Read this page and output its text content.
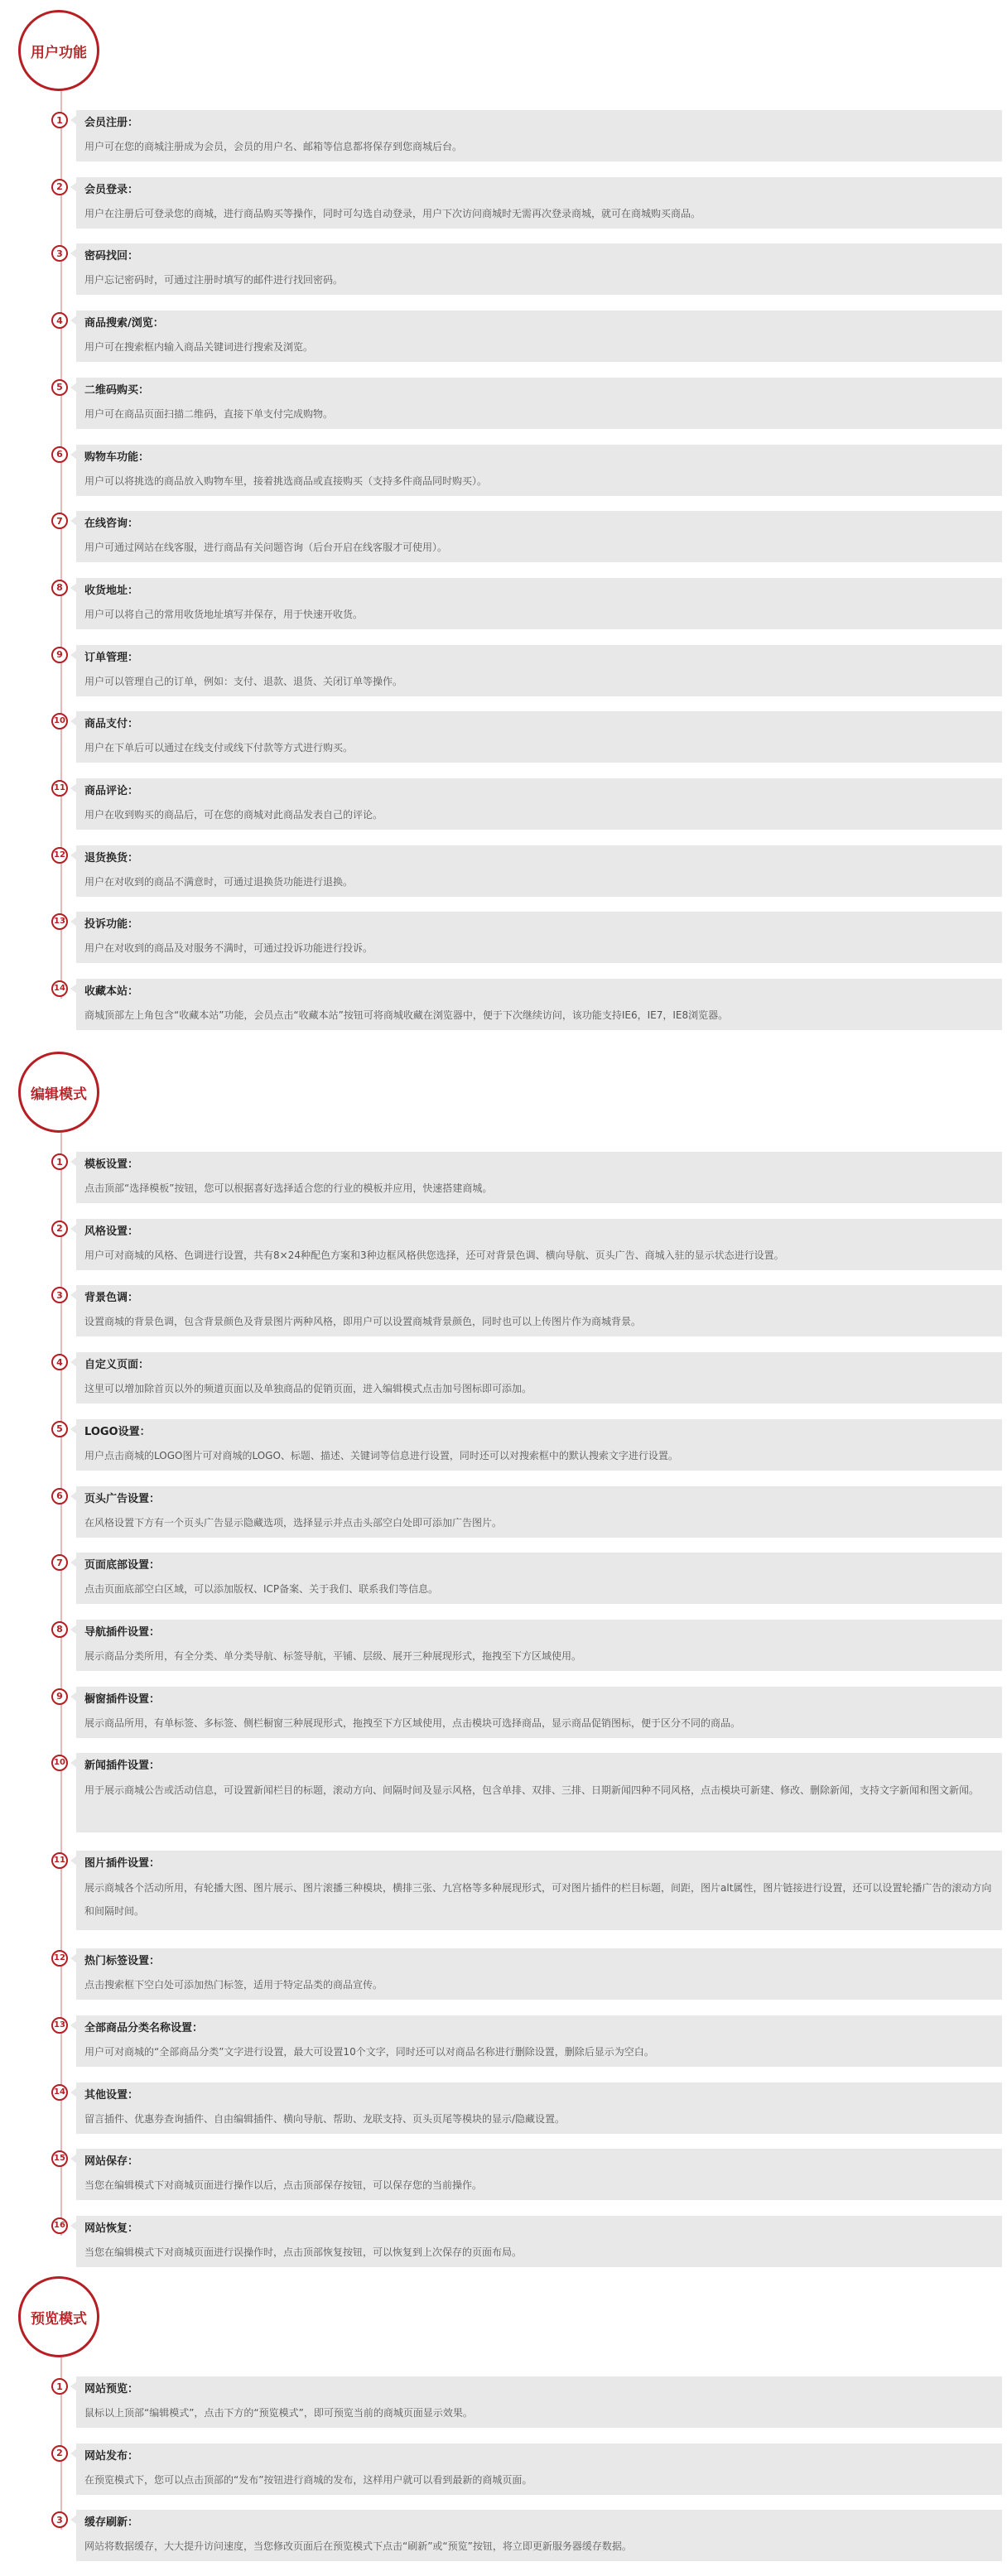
用户功能
1	会员注册：
用户可在您的商城注册成为会员，会员的用户名、邮箱等信息都将保存到您商城后台。
2	会员登录：
用户在注册后可登录您的商城，进行商品购买等操作，同时可勾选自动登录，用户下次访问商城时无需再次登录商城，就可在商城购买商品。
3	密码找回：
用户忘记密码时，可通过注册时填写的邮件进行找回密码。
4	商品搜索/浏览：
用户可在搜索框内输入商品关键词进行搜索及浏览。
5	二维码购买：
用户可在商品页面扫描二维码，直接下单支付完成购物。
6	购物车功能：
用户可以将挑选的商品放入购物车里，接着挑选商品或直接购买（支持多件商品同时购买）。
7	在线咨询：
用户可通过网站在线客服，进行商品有关问题咨询（后台开启在线客服才可使用）。
8	收货地址：
用户可以将自己的常用收货地址填写并保存，用于快速开收货。
9	订单管理：
用户可以管理自己的订单，例如：支付、退款、退货、关闭订单等操作。
10 商品支付：
用户在下单后可以通过在线支付或线下付款等方式进行购买。
11 商品评论：
用户在收到购买的商品后，可在您的商城对此商品发表自己的评论。
12 退货换货：
用户在对收到的商品不满意时，可通过退换货功能进行退换。
13 投诉功能：
用户在对收到的商品及对服务不满时，可通过投诉功能进行投诉。
14 收藏本站：
商城顶部左上角包含“收藏本站”功能，会员点击“收藏本站”按钮可将商城收藏在浏览器中，便于下次继续访问，该功能支持IE6，IE7，IE8浏览器。
编辑模式
1	模板设置：
点击顶部“选择模板”按钮，您可以根据喜好选择适合您的行业的模板并应用，快速搭建商城。
2	风格设置：
用户可对商城的风格、色调进行设置，共有8×24种配色方案和3种边框风格供您选择，还可对背景色调、横向导航、页头广告、商城入驻的显示状态进行设置。
3	背景色调：
设置商城的背景色调，包含背景颜色及背景图片两种风格，即用户可以设置商城背景颜色，同时也可以上传图片作为商城背景。
4	自定义页面：
这里可以增加除首页以外的频道页面以及单独商品的促销页面，进入编辑模式点击加号图标即可添加。
5	LOGO设置：
用户点击商城的LOGO图片可对商城的LOGO、标题、描述、关键词等信息进行设置，同时还可以对搜索框中的默认搜索文字进行设置。
6	页头广告设置：
在风格设置下方有一个页头广告显示隐藏选项，选择显示并点击头部空白处即可添加广告图片。
7	页面底部设置：
点击页面底部空白区域，可以添加版权、ICP备案、关于我们、联系我们等信息。
8	导航插件设置：
展示商品分类所用，有全分类、单分类导航、标签导航，平铺、层级、展开三种展现形式，拖拽至下方区域使用。
9	橱窗插件设置：
展示商品所用，有单标签、多标签、侧栏橱窗三种展现形式，拖拽至下方区域使用，点击模块可选择商品，显示商品促销图标，便于区分不同的商品。
10 新闻插件设置：
用于展示商城公告或活动信息，可设置新闻栏目的标题，滚动方向、间隔时间及显示风格，包含单排、双排、三排、日期新闻四种不同风格，点击模块可新建、修改、删除新闻，支持文字新闻和图文新闻。
11 图片插件设置：
展示商城各个活动所用，有轮播大图、图片展示、图片滚播三种模块，横排三张、九宫格等多种展现形式，可对图片插件的栏目标题，间距，图片alt属性，图片链接进行设置，还可以设置轮播广告的滚动方向和间隔时间。
12 热门标签设置：
点击搜索框下空白处可添加热门标签，适用于特定品类的商品宣传。
13 全部商品分类名称设置：
用户可对商城的“全部商品分类”文字进行设置，最大可设置10个文字，同时还可以对商品名称进行删除设置，删除后显示为空白。
14 其他设置：
留言插件、优惠券查询插件、自由编辑插件、横向导航、帮助、龙联支持、页头页尾等模块的显示/隐藏设置。
15 网站保存：
当您在编辑模式下对商城页面进行操作以后，点击顶部保存按钮，可以保存您的当前操作。
16 网站恢复：
当您在编辑模式下对商城页面进行误操作时，点击顶部恢复按钮，可以恢复到上次保存的页面布局。
预览模式
1	网站预览：
鼠标以上顶部“编辑模式”，点击下方的“预览模式”，即可预览当前的商城页面显示效果。
2	网站发布：
在预览模式下，您可以点击顶部的“发布”按钮进行商城的发布，这样用户就可以看到最新的商城页面。
3	缓存刷新：
网站将数据缓存，大大提升访问速度，当您修改页面后在预览模式下点击“刷新”或“预览”按钮，将立即更新服务器缓存数据。
